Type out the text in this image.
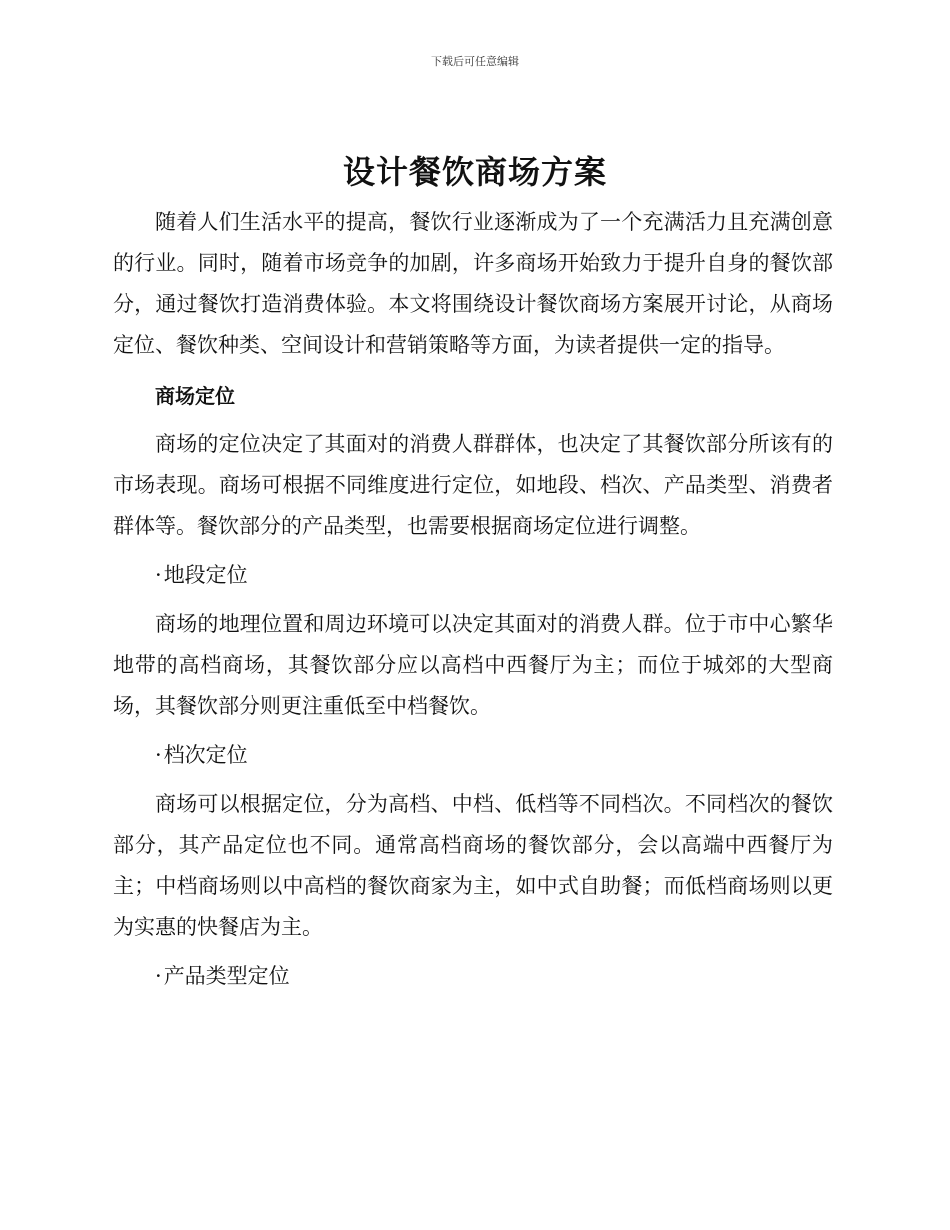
下载后可任意编辑
设计餐饮商场方案

随着人们生活水平的提高，餐饮行业逐渐成为了一个充满活力且充满创意的行业。同时，随着市场竞争的加剧，许多商场开始致力于提升自身的餐饮部分，通过餐饮打造消费体验。本文将围绕设计餐饮商场方案展开讨论，从商场定位、餐饮种类、空间设计和营销策略等方面，为读者提供一定的指导。

商场定位

商场的定位决定了其面对的消费人群群体，也决定了其餐饮部分所该有的市场表现。商场可根据不同维度进行定位，如地段、档次、产品类型、消费者群体等。餐饮部分的产品类型，也需要根据商场定位进行调整。

·地段定位

商场的地理位置和周边环境可以决定其面对的消费人群。位于市中心繁华地带的高档商场，其餐饮部分应以高档中西餐厅为主；而位于城郊的大型商场，其餐饮部分则更注重低至中档餐饮。

·档次定位

商场可以根据定位，分为高档、中档、低档等不同档次。不同档次的餐饮部分，其产品定位也不同。通常高档商场的餐饮部分，会以高端中西餐厅为主；中档商场则以中高档的餐饮商家为主，如中式自助餐；而低档商场则以更为实惠的快餐店为主。

·产品类型定位
